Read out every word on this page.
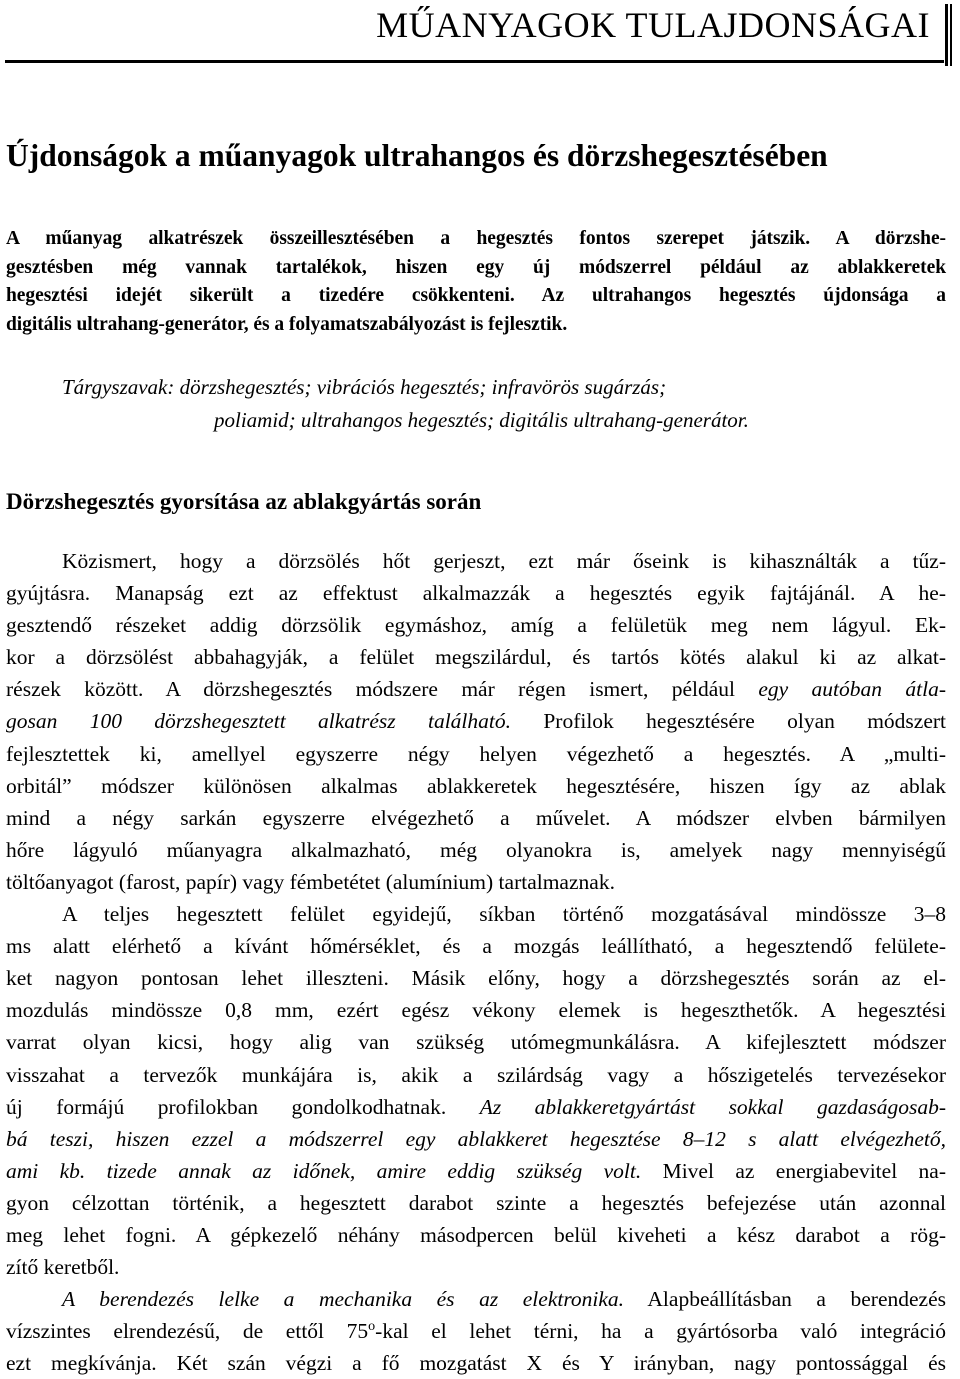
MŰANYAGOK TULAJDONSÁGAI
Újdonságok a műanyagok ultrahangos és dörzshegesztésében
A műanyag alkatrészek összeillesztésében a hegesztés fontos szerepet játszik. A dörzshe-
gesztésben még vannak tartalékok, hiszen egy új módszerrel például az ablakkeretek
hegesztési idejét sikerült a tizedére csökkenteni. Az ultrahangos hegesztés újdonsága a
digitális ultrahang-generátor, és a folyamatszabályozást is fejlesztik.
Tárgyszavak: dörzshegesztés; vibrációs hegesztés; infravörös sugárzás;
poliamid; ultrahangos hegesztés; digitális ultrahang-generátor.
Dörzshegesztés gyorsítása az ablakgyártás során
Közismert, hogy a dörzsölés hőt gerjeszt, ezt már őseink is kihasználták a tűz-
gyújtásra. Manapság ezt az effektust alkalmazzák a hegesztés egyik fajtájánál. A he-
gesztendő részeket addig dörzsölik egymáshoz, amíg a felületük meg nem lágyul. Ek-
kor a dörzsölést abbahagyják, a felület megszilárdul, és tartós kötés alakul ki az alkat-
részek között. A dörzshegesztés módszere már régen ismert, például egy autóban átla-
gosan 100 dörzshegesztett alkatrész található. Profilok hegesztésére olyan módszert
fejlesztettek ki, amellyel egyszerre négy helyen végezhető a hegesztés. A „multi-
orbitál” módszer különösen alkalmas ablakkeretek hegesztésére, hiszen így az ablak
mind a négy sarkán egyszerre elvégezhető a művelet. A módszer elvben bármilyen
hőre lágyuló műanyagra alkalmazható, még olyanokra is, amelyek nagy mennyiségű
töltőanyagot (farost, papír) vagy fémbetétet (alumínium) tartalmaznak.
A teljes hegesztett felület egyidejű, síkban történő mozgatásával mindössze 3–8
ms alatt elérhető a kívánt hőmérséklet, és a mozgás leállítható, a hegesztendő felülete-
ket nagyon pontosan lehet illeszteni. Másik előny, hogy a dörzshegesztés során az el-
mozdulás mindössze 0,8 mm, ezért egész vékony elemek is hegeszthetők. A hegesztési
varrat olyan kicsi, hogy alig van szükség utómegmunkálásra. A kifejlesztett módszer
visszahat a tervezők munkájára is, akik a szilárdság vagy a hőszigetelés tervezésekor
új formájú profilokban gondolkodhatnak. Az ablakkeretgyártást sokkal gazdaságosab-
bá teszi, hiszen ezzel a módszerrel egy ablakkeret hegesztése 8–12 s alatt elvégezhető,
ami kb. tizede annak az időnek, amire eddig szükség volt. Mivel az energiabevitel na-
gyon célzottan történik, a hegesztett darabot szinte a hegesztés befejezése után azonnal
meg lehet fogni. A gépkezelő néhány másodpercen belül kiveheti a kész darabot a rög-
zítő keretből.
A berendezés lelke a mechanika és az elektronika. Alapbeállításban a berendezés
vízszintes elrendezésű, de ettől 75$^o$-kal el lehet térni, ha a gyártósorba való integráció
ezt megkívánja. Két szán végzi a fő mozgatást X és Y irányban, nagy pontossággal és
